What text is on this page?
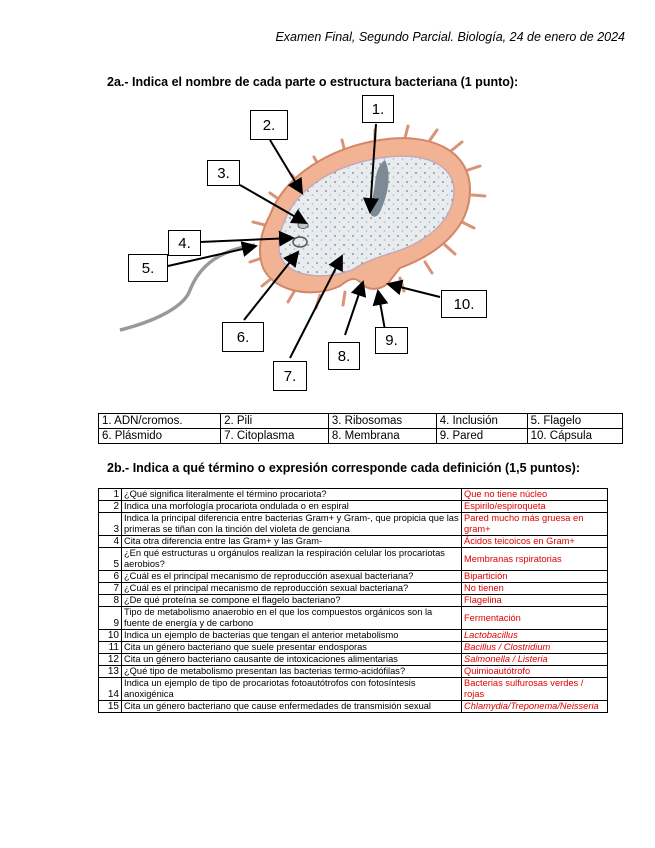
Examen Final, Segundo Parcial. Biología, 24 de enero de 2024
2a.- Indica el nombre de cada parte o estructura bacteriana (1 punto):
1.
2.
3.
4.
5.
6.
7.
8.
9.
10.
1. ADN/cromos.	2. Pili	3. Ribosomas	4. Inclusión	5. Flagelo
6. Plásmido	7. Citoplasma	8. Membrana	9. Pared	10. Cápsula
2b.- Indica a qué término o expresión corresponde cada definición (1,5 puntos):
1	¿Qué significa literalmente el término procariota?	Que no tiene núcleo
2	Indica una morfología procariota ondulada o en espiral	Espirilo/espiroqueta
3	Indica la principal diferencia entre bacterias Gram+ y Gram-, que propicia que las primeras se tiñan con la tinción del violeta de genciana	Pared mucho más gruesa en gram+
4	Cita otra diferencia entre las Gram+ y las Gram-	Ácidos teicoicos en Gram+
5	¿En qué estructuras u orgánulos realizan la respiración celular los procariotas aerobios?	Membranas rspiratorias
6	¿Cuál es el principal mecanismo de reproducción asexual bacteriana?	Bipartición
7	¿Cuál es el principal mecanismo de reproducción sexual bacteriana?	No tienen
8	¿De qué proteína se compone el flagelo bacteriano?	Flagelina
9	Tipo de metabolismo anaerobio en el que los compuestos orgánicos son la fuente de energía y de carbono	Fermentación
10	Indica un ejemplo de bacterias que tengan el anterior metabolismo	Lactobacillus
11	Cita un género bacteriano que suele presentar endosporas	Bacillus / Clostridium
12	Cita un género bacteriano causante de intoxicaciones alimentarias	Salmonella / Listeria
13	¿Qué tipo de metabolismo presentan las bacterias termo-acidófilas?	Quimioautótrofo
14	Indica un ejemplo de tipo de procariotas fotoautótrofos con fotosíntesis anoxigénica	Bacterias sulfurosas verdes / rojas
15	Cita un género bacteriano que cause enfermedades de transmisión sexual	Chlamydia/Treponema/Neisseria
